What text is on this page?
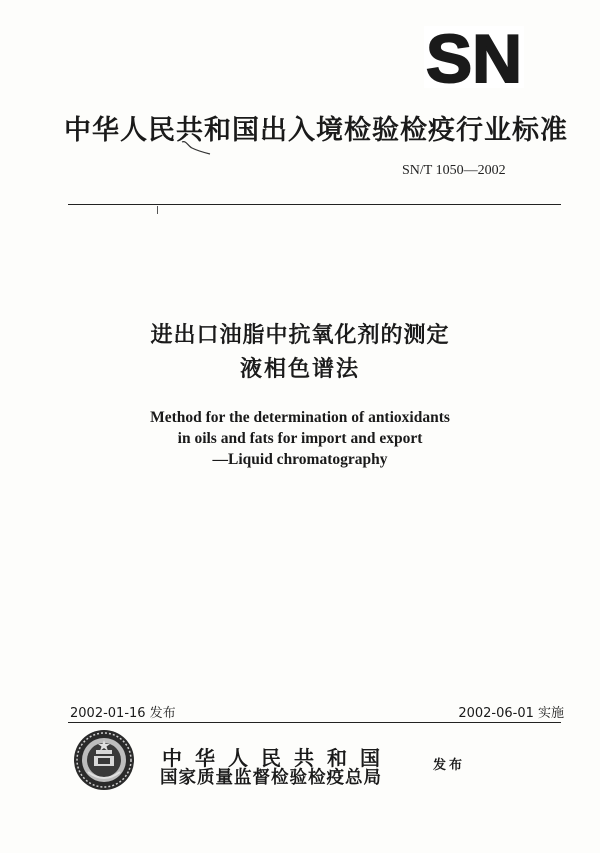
SN
中华人民共和国出入境检验检疫行业标准
SN/T 1050—2002
进出口油脂中抗氧化剂的测定
液相色谱法
Method for the determination of antioxidants
in oils and fats for import and export
—Liquid chromatography
2002-01-16 发布	2002-06-01 实施
中华人民共和国
国家质量监督检验检疫总局
发布
